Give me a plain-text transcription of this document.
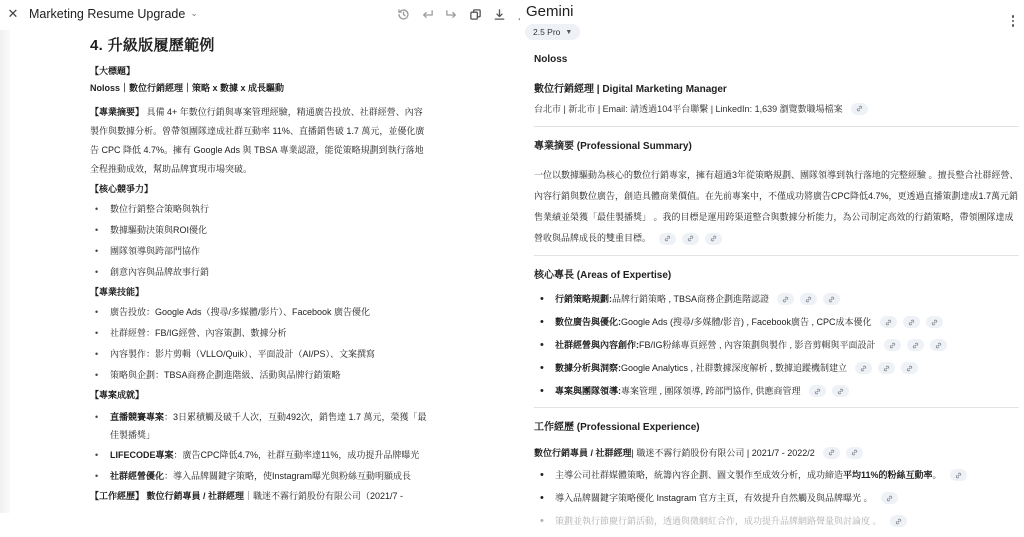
✕ Marketing Resume Upgrade ⌄
4. 升級版履歷範例
【大標題】
Noloss｜數位行銷經理｜策略 x 數據 x 成長驅動
【專業摘要】 具備 4+ 年數位行銷與專案管理經驗，精通廣告投放、社群經營、內容製作與數據分析。曾帶領團隊達成社群互動率 11%、直播銷售破 1.7 萬元，並優化廣告 CPC 降低 4.7%。擁有 Google Ads 與 TBSA 專業認證，能從策略規劃到執行落地全程推動成效，幫助品牌實現市場突破。
【核心競爭力】
• 數位行銷整合策略與執行
• 數據驅動決策與ROI優化
• 團隊領導與跨部門協作
• 創意內容與品牌故事行銷
【專業技能】
• 廣告投放：Google Ads（搜尋/多媒體/影片）、Facebook 廣告優化
• 社群經營：FB/IG經營、內容策劃、數據分析
• 內容製作：影片剪輯（VLLO/Quik）、平面設計（AI/PS）、文案撰寫
• 策略與企劃：TBSA商務企劃進階級、活動與品牌行銷策略
【專案成就】
• 直播競賽專案：3日累積觸及破千人次，互動492次，銷售達 1.7 萬元，榮獲「最佳製播獎」
• LIFECODE專案：廣告CPC降低4.7%，社群互動率達11%，成功提升品牌曝光
• 社群經營優化：導入品牌關鍵字策略，使Instagram曝光與粉絲互動明顯成長
【工作經歷】 數位行銷專員 / 社群經理｜職迷不霧行銷股份有限公司（2021/7 -
Gemini
2.5 Pro ▼
Noloss
數位行銷經理 | Digital Marketing Manager
台北市 | 新北市 | Email: 請透過104平台聯繫 | LinkedIn: 1,639 瀏覽數職場檔案
專業摘要 (Professional Summary)
一位以數據驅動為核心的數位行銷專家，擁有超過3年從策略規劃、團隊領導到執行落地的完整經驗 。擅長整合社群經營、內容行銷與數位廣告，創造具體商業價值。在先前專案中，不僅成功將廣告CPC降低4.7%，更透過直播策劃達成1.7萬元銷售業績並榮獲「最佳製播獎」 。我的目標是運用跨渠道整合與數據分析能力，為公司制定高效的行銷策略，帶領團隊達成營收與品牌成長的雙重目標。
核心專長 (Areas of Expertise)
• 行銷策略規劃: 品牌行銷策略 , TBSA商務企劃進階認證
• 數位廣告與優化: Google Ads (搜尋/多媒體/影音) , Facebook廣告 , CPC成本優化
• 社群經營與內容創作: FB/IG粉絲專頁經營 , 內容策劃與製作 , 影音剪輯與平面設計
• 數據分析與洞察: Google Analytics , 社群數據深度解析 , 數據追蹤機制建立
• 專案與團隊領導: 專案管理 , 團隊領導, 跨部門協作, 供應商管理
工作經歷 (Professional Experience)
數位行銷專員 / 社群經理 | 職迷不霧行銷股份有限公司 | 2021/7 - 2022/2
• 主導公司社群媒體策略，統籌內容企劃、圖文製作至成效分析，成功締造 平均11%的粉絲互動率 。
• 導入品牌關鍵字策略優化 Instagram 官方主頁，有效提升自然觸及與品牌曝光 。
• 策劃並執行節慶行銷活動，透過與微網紅合作，成功提升品牌網路聲量與討論度 。
